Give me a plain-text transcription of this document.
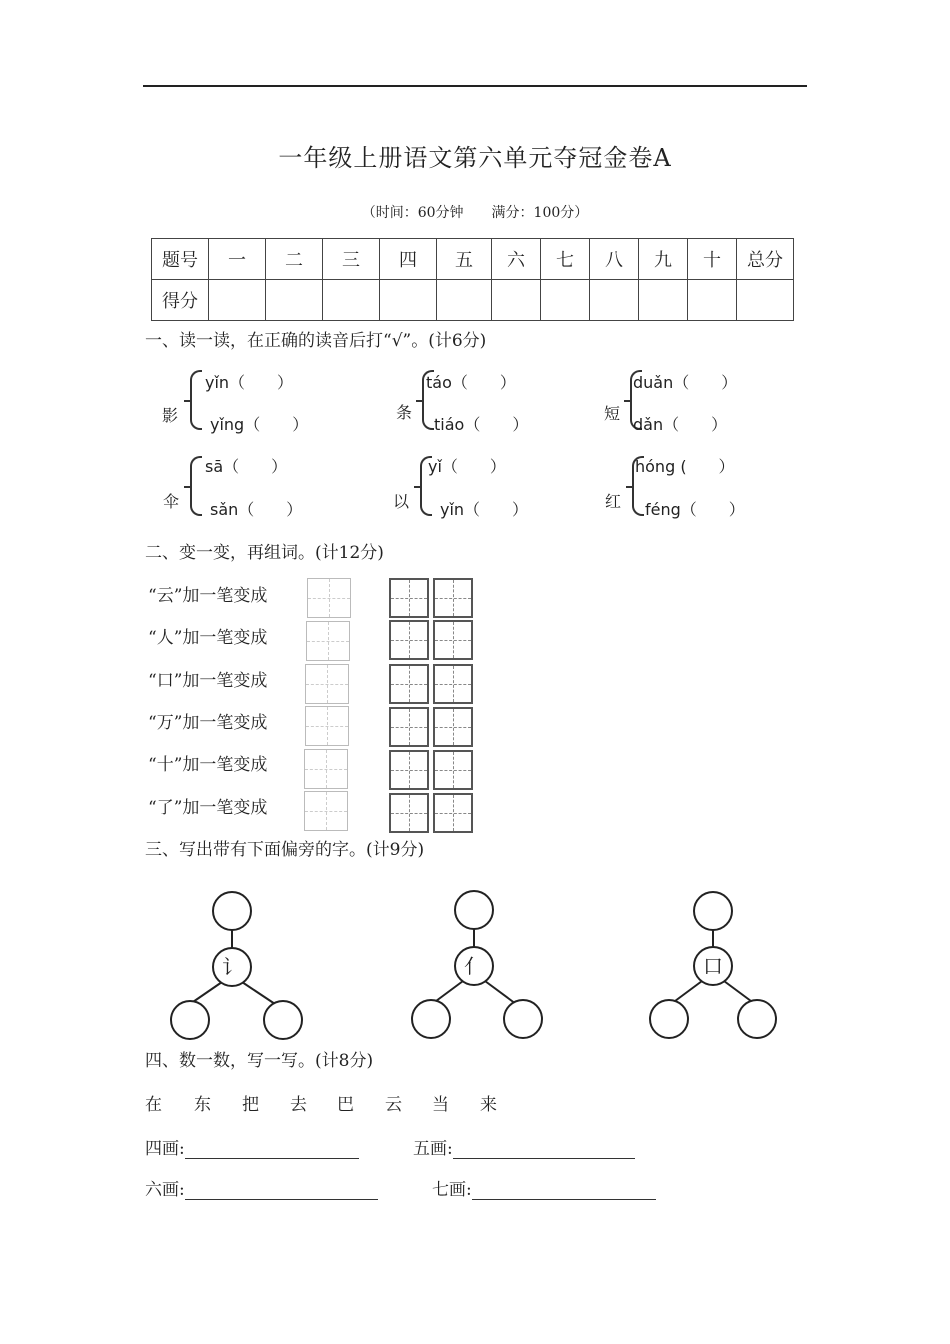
一年级上册语文第六单元夺冠金卷A
（时间：60分钟　　满分：100分）
题号	一	二	三	四	五	六	七	八	九	十	总分
得分											
一、读一读，在正确的读音后打“√”。(计6分)
影
yǐn（　　）
yǐng（　　）
条
táo（　　）
tiáo（　　）
短
duǎn（　　）
dǎn（　　）
伞
sā（　　）
sǎn（　　）	以
yǐ（　　）
yǐn（　　）	红
hóng (　　）
féng（　　）
二、变一变，再组词。(计12分)
“云”加一笔变成
“人”加一笔变成
“口”加一笔变成
“万”加一笔变成
“十”加一笔变成
“了”加一笔变成
三、写出带有下面偏旁的字。(计9分)
讠	亻	口
四、数一数，写一写。(计8分)
在 东 把 去 巴 云 当 来
四画:	五画:
六画:	七画:
